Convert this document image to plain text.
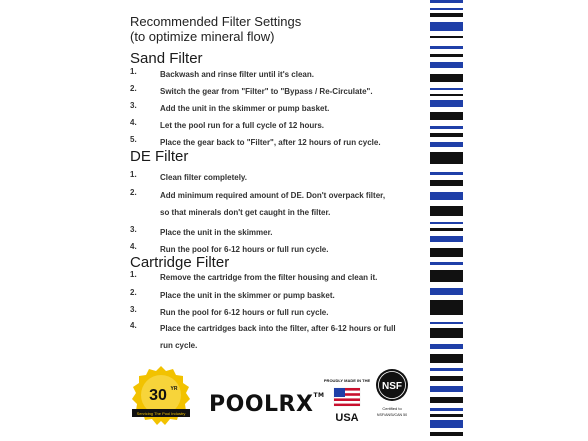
Recommended Filter Settings
(to optimize mineral flow)
Sand Filter
1.	Backwash and rinse filter until it's clean.
2.	Switch the gear from "Filter" to "Bypass / Re-Circulate".
3.	Add the unit in the skimmer or pump basket.
4.	Let the pool run for a full cycle of 12 hours.
5.	Place the gear back to "Filter", after 12 hours of run cycle.
DE Filter
1.	Clean filter completely.
2.	Add minimum required amount of DE. Don't overpack filter,
so that minerals don't get caught in the filter.
3.	Place the unit in the skimmer.
4.	Run the pool for 6-12 hours or full run cycle.
Cartridge Filter
1.	Remove the cartridge from the filter housing and clean it.
2.	Place the unit in the skimmer or pump basket.
3.	Run the pool for 6-12 hours or full run cycle.
4.	Place the cartridges back into the filter, after 6-12 hours or full
run cycle.
30 YR
Servicing The Pool Industry POOLRX™
PROUDLY MADE IN THE
USA
NSF
Certified to
NSF/ANSI/CAN 50
